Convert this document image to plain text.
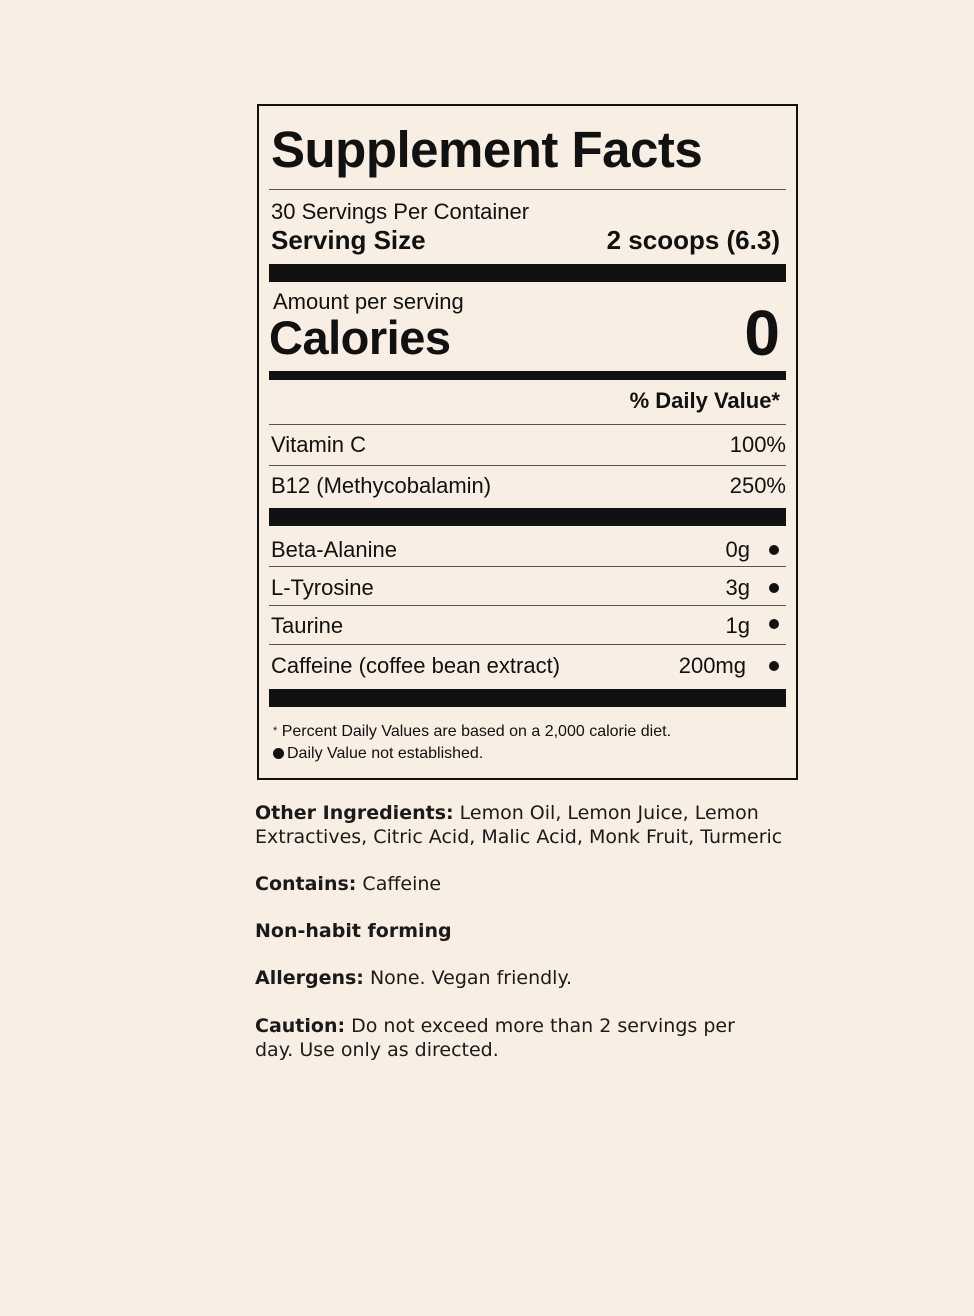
Supplement Facts
30 Servings Per Container
Serving Size	2 scoops (6.3)
Amount per serving
Calories	0
% Daily Value*
Vitamin C	100%
B12 (Methycobalamin)	250%
Beta-Alanine	0g
L-Tyrosine	3g
Taurine	1g
Caffeine (coffee bean extract)	200mg
* Percent Daily Values are based on a 2,000 calorie diet.
Daily Value not established.
Other Ingredients: Lemon Oil, Lemon Juice, Lemon Extractives, Citric Acid, Malic Acid, Monk Fruit, Turmeric
Contains: Caffeine
Non-habit forming
Allergens: None. Vegan friendly.
Caution: Do not exceed more than 2 servings per day. Use only as directed.
